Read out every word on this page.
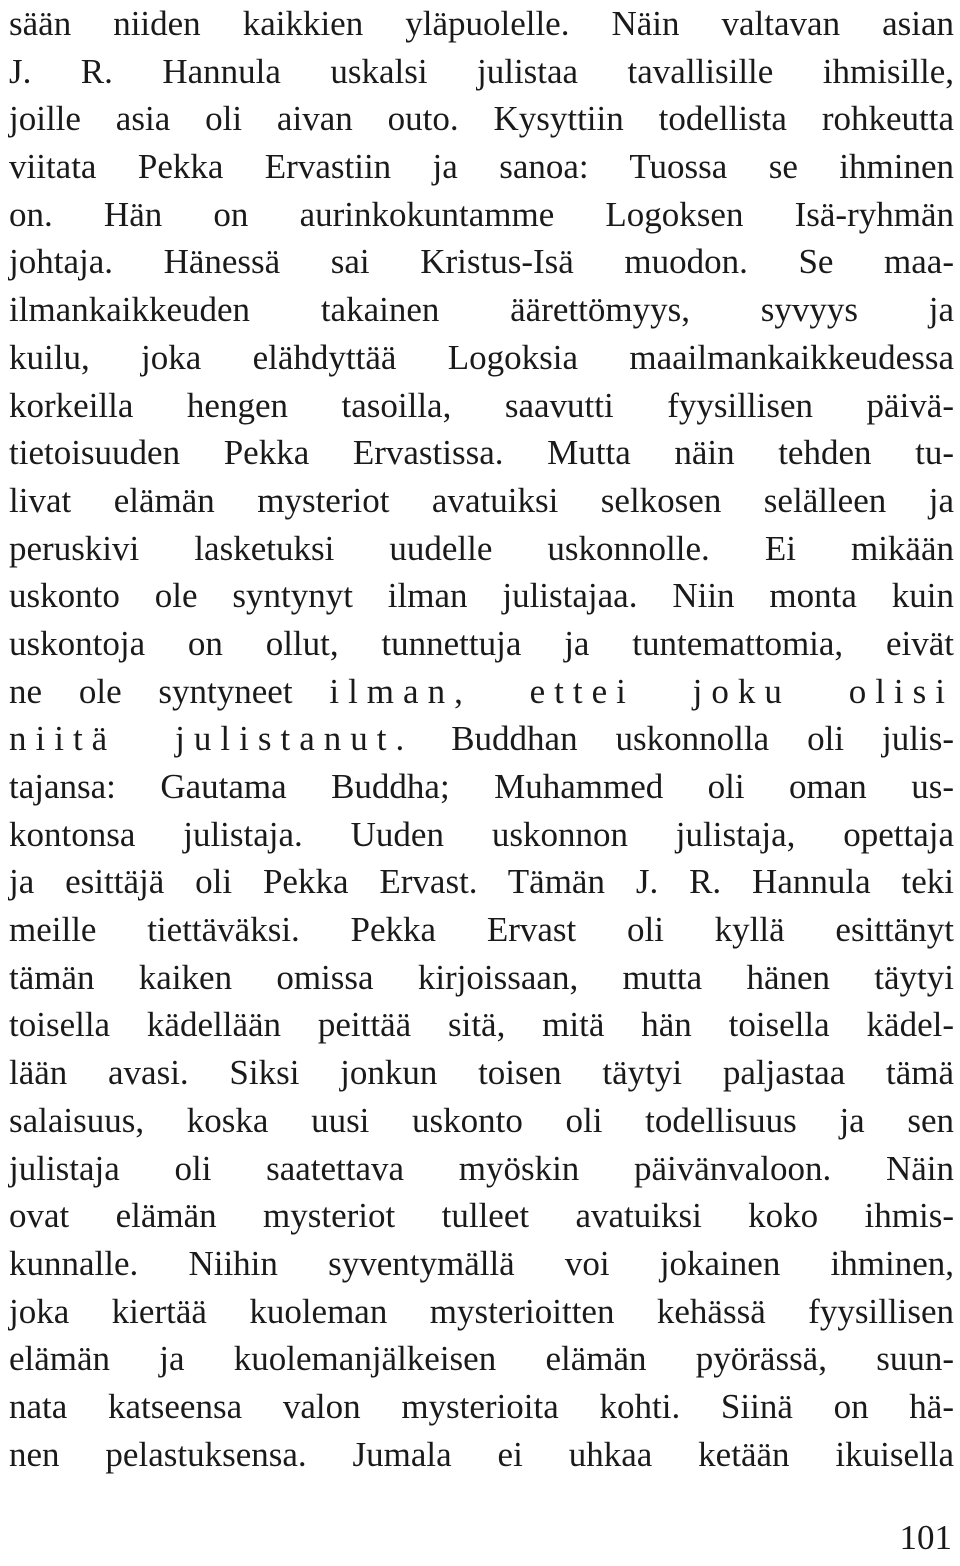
sään niiden kaikkien yläpuolelle. Näin valtavan asian
J. R. Hannula uskalsi julistaa tavallisille ihmisille,
joille asia oli aivan outo. Kysyttiin todellista rohkeutta
viitata Pekka Ervastiin ja sanoa: Tuossa se ihminen
on. Hän on aurinkokuntamme Logoksen Isä-ryhmän
johtaja. Hänessä sai Kristus-Isä muodon. Se maa-
ilmankaikkeuden takainen äärettömyys, syvyys ja
kuilu, joka elähdyttää Logoksia maailmankaikkeudessa
korkeilla hengen tasoilla, saavutti fyysillisen päivä-
tietoisuuden Pekka Ervastissa. Mutta näin tehden tu-
livat elämän mysteriot avatuiksi selkosen selälleen ja
peruskivi lasketuksi uudelle uskonnolle. Ei mikään
uskonto ole syntynyt ilman julistajaa. Niin monta kuin
uskontoja on ollut, tunnettuja ja tuntemattomia, eivät
ne ole syntyneet ilman, ettei joku olisi
niitä julistanut. Buddhan uskonnolla oli julis-
tajansa: Gautama Buddha; Muhammed oli oman us-
kontonsa julistaja. Uuden uskonnon julistaja, opettaja
ja esittäjä oli Pekka Ervast. Tämän J. R. Hannula teki
meille tiettäväksi. Pekka Ervast oli kyllä esittänyt
tämän kaiken omissa kirjoissaan, mutta hänen täytyi
toisella kädellään peittää sitä, mitä hän toisella kädel-
lään avasi. Siksi jonkun toisen täytyi paljastaa tämä
salaisuus, koska uusi uskonto oli todellisuus ja sen
julistaja oli saatettava myöskin päivänvaloon. Näin
ovat elämän mysteriot tulleet avatuiksi koko ihmis-
kunnalle. Niihin syventymällä voi jokainen ihminen,
joka kiertää kuoleman mysterioitten kehässä fyysillisen
elämän ja kuolemanjälkeisen elämän pyörässä, suun-
nata katseensa valon mysterioita kohti. Siinä on hä-
nen pelastuksensa. Jumala ei uhkaa ketään ikuisella
101
